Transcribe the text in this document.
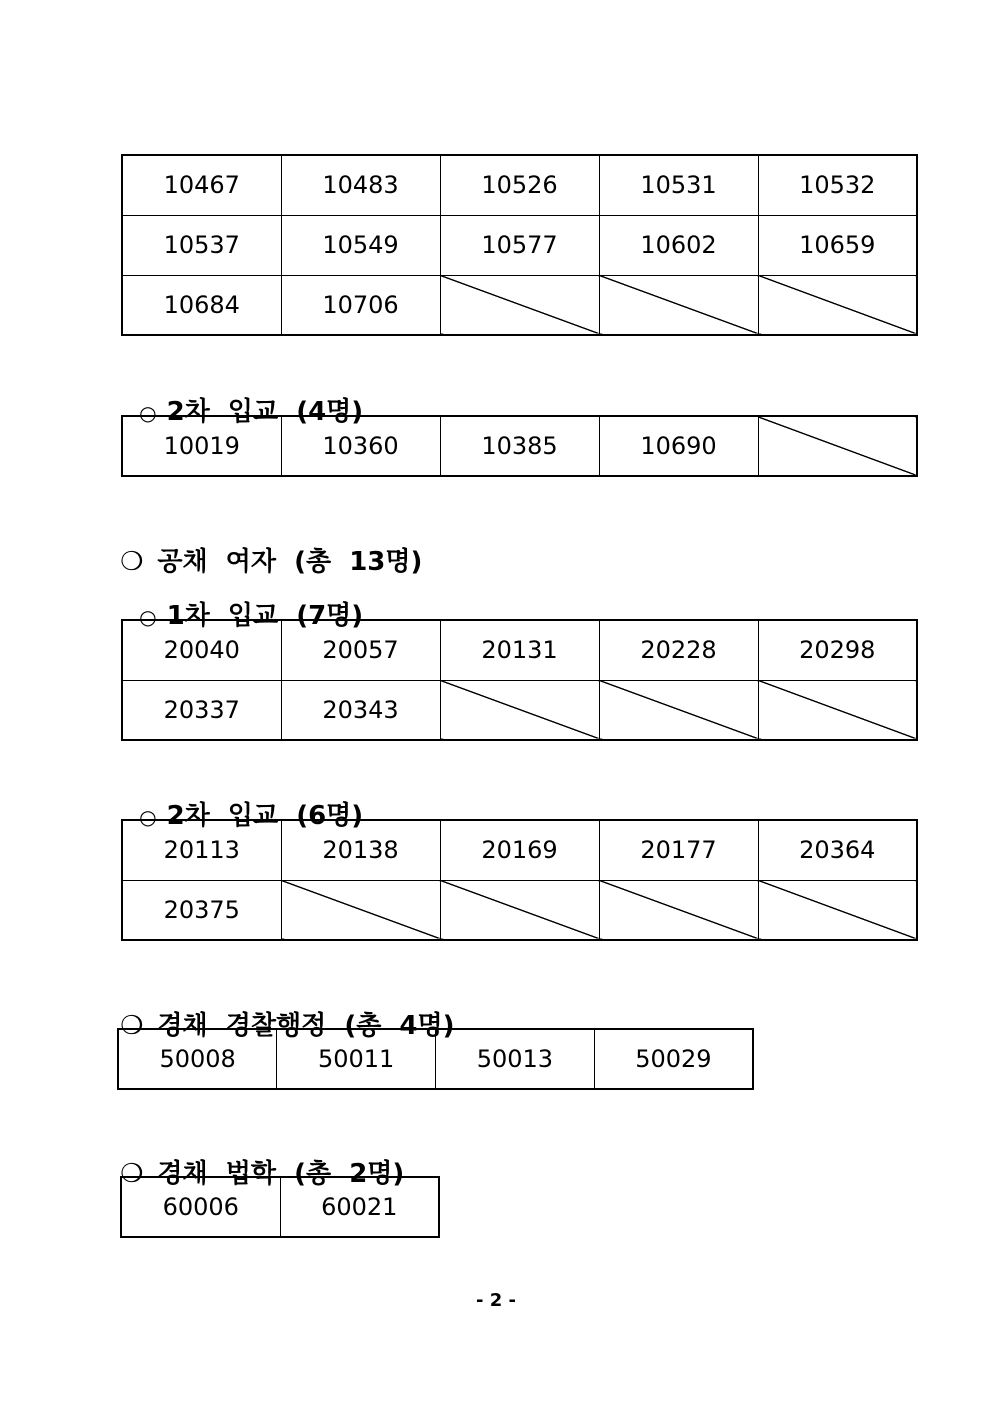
10467	10483	10526	10531	10532
10537	10549	10577	10602	10659
10684	10706			

○ 2차  입교  (4명)

10019	10360	10385	10690	

❍ 공채  여자  (총  13명)

○ 1차  입교  (7명)

20040	20057	20131	20228	20298
20337	20343			

○ 2차  입교  (6명)

20113	20138	20169	20177	20364
20375				

❍ 경채  경찰행정  (총  4명)

50008	50011	50013	50029

❍ 경채  법학  (총  2명)

60006	60021
- 2 -
